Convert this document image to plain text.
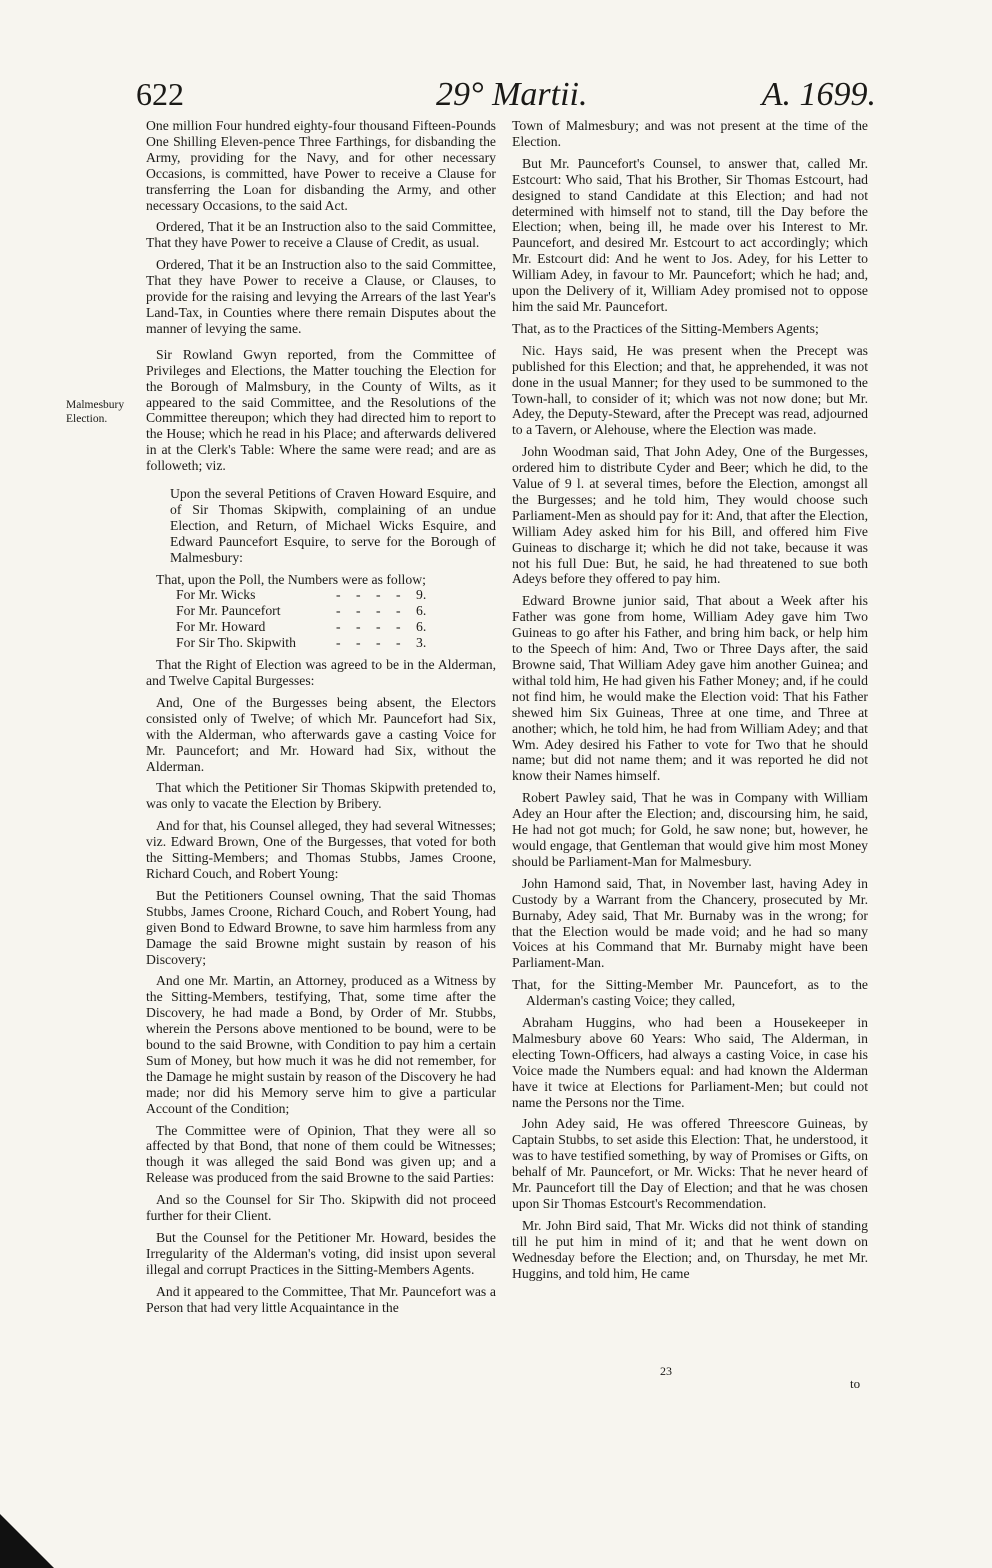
622	29° Martii.	A. 1699.
Malmesbury Election.

One million Four hundred eighty-four thousand Fifteen-Pounds One Shilling Eleven-pence Three Farthings, for disbanding the Army, providing for the Navy, and for other necessary Occasions, is committed, have Power to receive a Clause for transferring the Loan for disbanding the Army, and other necessary Occasions, to the said Act.

Ordered, That it be an Instruction also to the said Committee, That they have Power to receive a Clause of Credit, as usual.

Ordered, That it be an Instruction also to the said Committee, That they have Power to receive a Clause, or Clauses, to provide for the raising and levying the Arrears of the last Year's Land-Tax, in Counties where there remain Disputes about the manner of levying the same.

Sir Rowland Gwyn reported, from the Committee of Privileges and Elections, the Matter touching the Election for the Borough of Malmsbury, in the County of Wilts, as it appeared to the said Committee, and the Resolutions of the Committee thereupon; which they had directed him to report to the House; which he read in his Place; and afterwards delivered in at the Clerk's Table: Where the same were read; and are as followeth; viz.

Upon the several Petitions of Craven Howard Esquire, and of Sir Thomas Skipwith, complaining of an undue Election, and Return, of Michael Wicks Esquire, and Edward Pauncefort Esquire, to serve for the Borough of Malmesbury:

That, upon the Poll, the Numbers were as follow;

For Mr. Wicks	- - - - 9.
For Mr. Pauncefort	- - - - 6.
For Mr. Howard	- - - - 6.
For Sir Tho. Skipwith	- - - - 3.

That the Right of Election was agreed to be in the Alderman, and Twelve Capital Burgesses:

And, One of the Burgesses being absent, the Electors consisted only of Twelve; of which Mr. Pauncefort had Six, with the Alderman, who afterwards gave a casting Voice for Mr. Pauncefort; and Mr. Howard had Six, without the Alderman.

That which the Petitioner Sir Thomas Skipwith pretended to, was only to vacate the Election by Bribery.

And for that, his Counsel alleged, they had several Witnesses; viz. Edward Brown, One of the Burgesses, that voted for both the Sitting-Members; and Thomas Stubbs, James Croone, Richard Couch, and Robert Young:

But the Petitioners Counsel owning, That the said Thomas Stubbs, James Croone, Richard Couch, and Robert Young, had given Bond to Edward Browne, to save him harmless from any Damage the said Browne might sustain by reason of his Discovery;

And one Mr. Martin, an Attorney, produced as a Witness by the Sitting-Members, testifying, That, some time after the Discovery, he had made a Bond, by Order of Mr. Stubbs, wherein the Persons above mentioned to be bound, were to be bound to the said Browne, with Condition to pay him a certain Sum of Money, but how much it was he did not remember, for the Damage he might sustain by reason of the Discovery he had made; nor did his Memory serve him to give a particular Account of the Condition;

The Committee were of Opinion, That they were all so affected by that Bond, that none of them could be Witnesses; though it was alleged the said Bond was given up; and a Release was produced from the said Browne to the said Parties:

And so the Counsel for Sir Tho. Skipwith did not proceed further for their Client.

But the Counsel for the Petitioner Mr. Howard, besides the Irregularity of the Alderman's voting, did insist upon several illegal and corrupt Practices in the Sitting-Members Agents.

And it appeared to the Committee, That Mr. Pauncefort was a Person that had very little Acquaintance in the

Town of Malmesbury; and was not present at the time of the Election.

But Mr. Pauncefort's Counsel, to answer that, called Mr. Estcourt: Who said, That his Brother, Sir Thomas Estcourt, had designed to stand Candidate at this Election; and had not determined with himself not to stand, till the Day before the Election; when, being ill, he made over his Interest to Mr. Pauncefort, and desired Mr. Estcourt to act accordingly; which Mr. Estcourt did: And he went to Jos. Adey, for his Letter to William Adey, in favour to Mr. Pauncefort; which he had; and, upon the Delivery of it, William Adey promised not to oppose him the said Mr. Pauncefort.

That, as to the Practices of the Sitting-Members Agents;

Nic. Hays said, He was present when the Precept was published for this Election; and that, he apprehended, it was not done in the usual Manner; for they used to be summoned to the Town-hall, to consider of it; which was not now done; but Mr. Adey, the Deputy-Steward, after the Precept was read, adjourned to a Tavern, or Alehouse, where the Election was made.

John Woodman said, That John Adey, One of the Burgesses, ordered him to distribute Cyder and Beer; which he did, to the Value of 9 l. at several times, before the Election, amongst all the Burgesses; and he told him, They would choose such Parliament-Men as should pay for it: And, that after the Election, William Adey asked him for his Bill, and offered him Five Guineas to discharge it; which he did not take, because it was not his full Due: But, he said, he had threatened to sue both Adeys before they offered to pay him.

Edward Browne junior said, That about a Week after his Father was gone from home, William Adey gave him Two Guineas to go after his Father, and bring him back, or help him to the Speech of him: And, Two or Three Days after, the said Browne said, That William Adey gave him another Guinea; and withal told him, He had given his Father Money; and, if he could not find him, he would make the Election void: That his Father shewed him Six Guineas, Three at one time, and Three at another; which, he told him, he had from William Adey; and that Wm. Adey desired his Father to vote for Two that he should name; but did not name them; and it was reported he did not know their Names himself.

Robert Pawley said, That he was in Company with William Adey an Hour after the Election; and, discoursing him, he said, He had not got much; for Gold, he saw none; but, however, he would engage, that Gentleman that would give him most Money should be Parliament-Man for Malmesbury.

John Hamond said, That, in November last, having Adey in Custody by a Warrant from the Chancery, prosecuted by Mr. Burnaby, Adey said, That Mr. Burnaby was in the wrong; for that the Election would be made void; and he had so many Voices at his Command that Mr. Burnaby might have been Parliament-Man.

That, for the Sitting-Member Mr. Pauncefort, as to the Alderman's casting Voice; they called,

Abraham Huggins, who had been a Housekeeper in Malmesbury above 60 Years: Who said, The Alderman, in electing Town-Officers, had always a casting Voice, in case his Voice made the Numbers equal: and had known the Alderman have it twice at Elections for Parliament-Men; but could not name the Persons nor the Time.

John Adey said, He was offered Threescore Guineas, by Captain Stubbs, to set aside this Election: That, he understood, it was to have testified something, by way of Promises or Gifts, on behalf of Mr. Pauncefort, or Mr. Wicks: That he never heard of Mr. Pauncefort till the Day of Election; and that he was chosen upon Sir Thomas Estcourt's Recommendation.

Mr. John Bird said, That Mr. Wicks did not think of standing till he put him in mind of it; and that he went down on Wednesday before the Election; and, on Thursday, he met Mr. Huggins, and told him, He came

23
to
